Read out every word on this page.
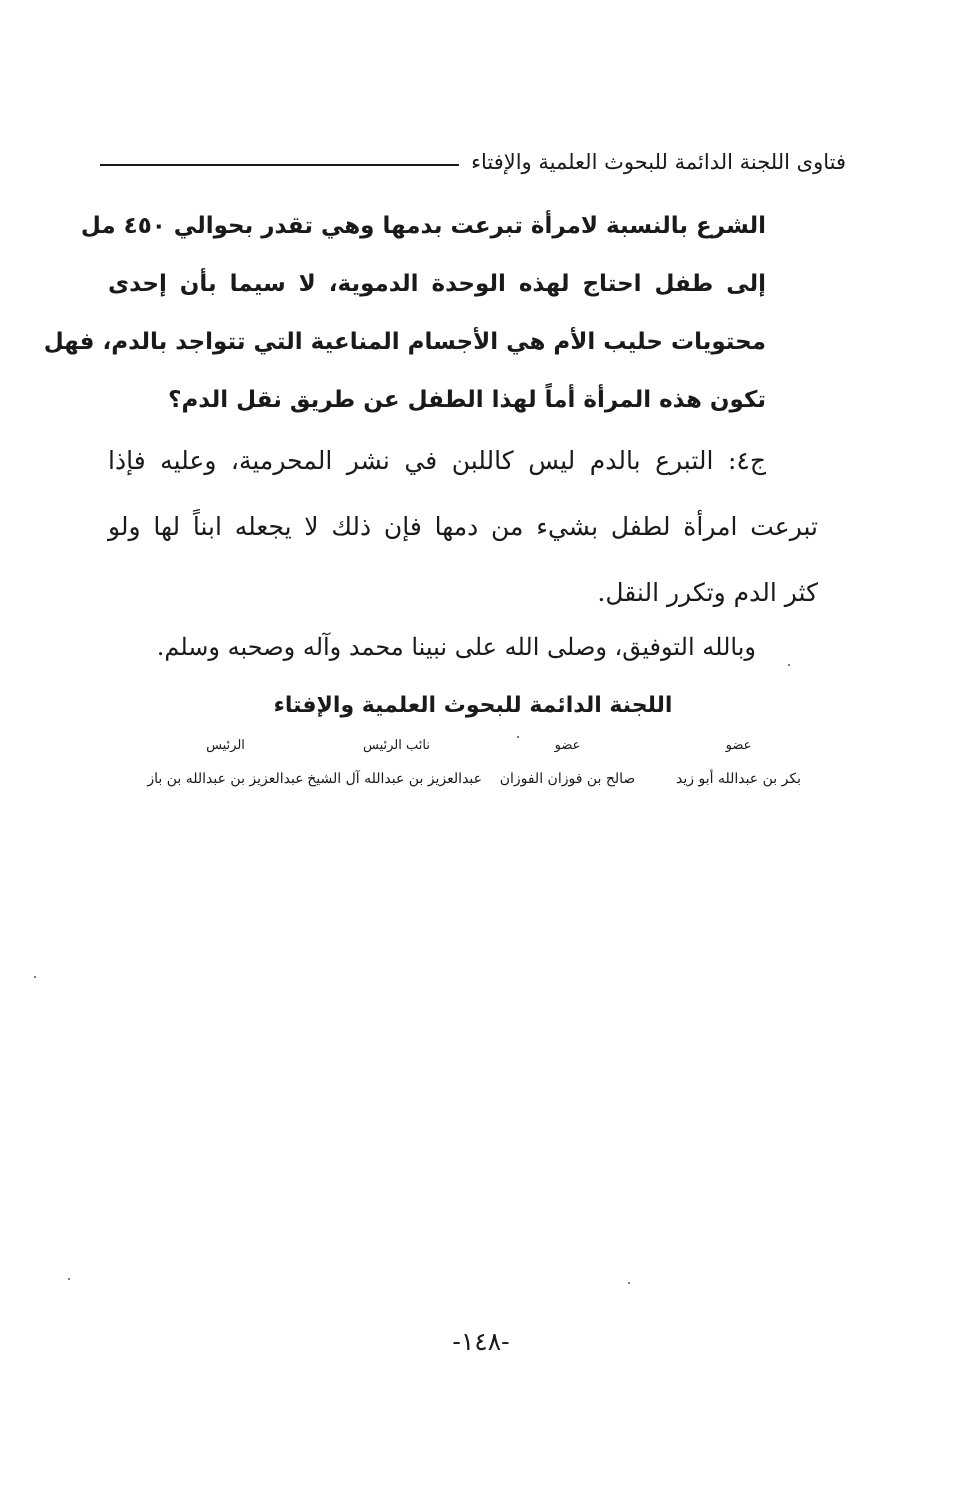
فتاوى اللجنة الدائمة للبحوث العلمية والإفتاء
الشرع بالنسبة لامرأة تبرعت بدمها وهي تقدر بحوالي ٤٥٠ مل
إلى طفل احتاج لهذه الوحدة الدموية، لا سيما بأن إحدى
محتويات حليب الأم هي الأجسام المناعية التي تتواجد بالدم، فهل
تكون هذه المرأة أماً لهذا الطفل عن طريق نقل الدم؟
ج٤: التبرع بالدم ليس كاللبن في نشر المحرمية، وعليه فإذا
تبرعت امرأة لطفل بشيء من دمها فإن ذلك لا يجعله ابناً لها ولو
كثر الدم وتكرر النقل.
وبالله التوفيق، وصلى الله على نبينا محمد وآله وصحبه وسلم.
اللجنة الدائمة للبحوث العلمية والإفتاء
عضو
عضو
نائب الرئيس
الرئيس
بكر بن عبدالله أبو زيد
صالح بن فوزان الفوزان
عبدالعزيز بن عبدالله آل الشيخ
عبدالعزيز بن عبدالله بن باز
-١٤٨-
